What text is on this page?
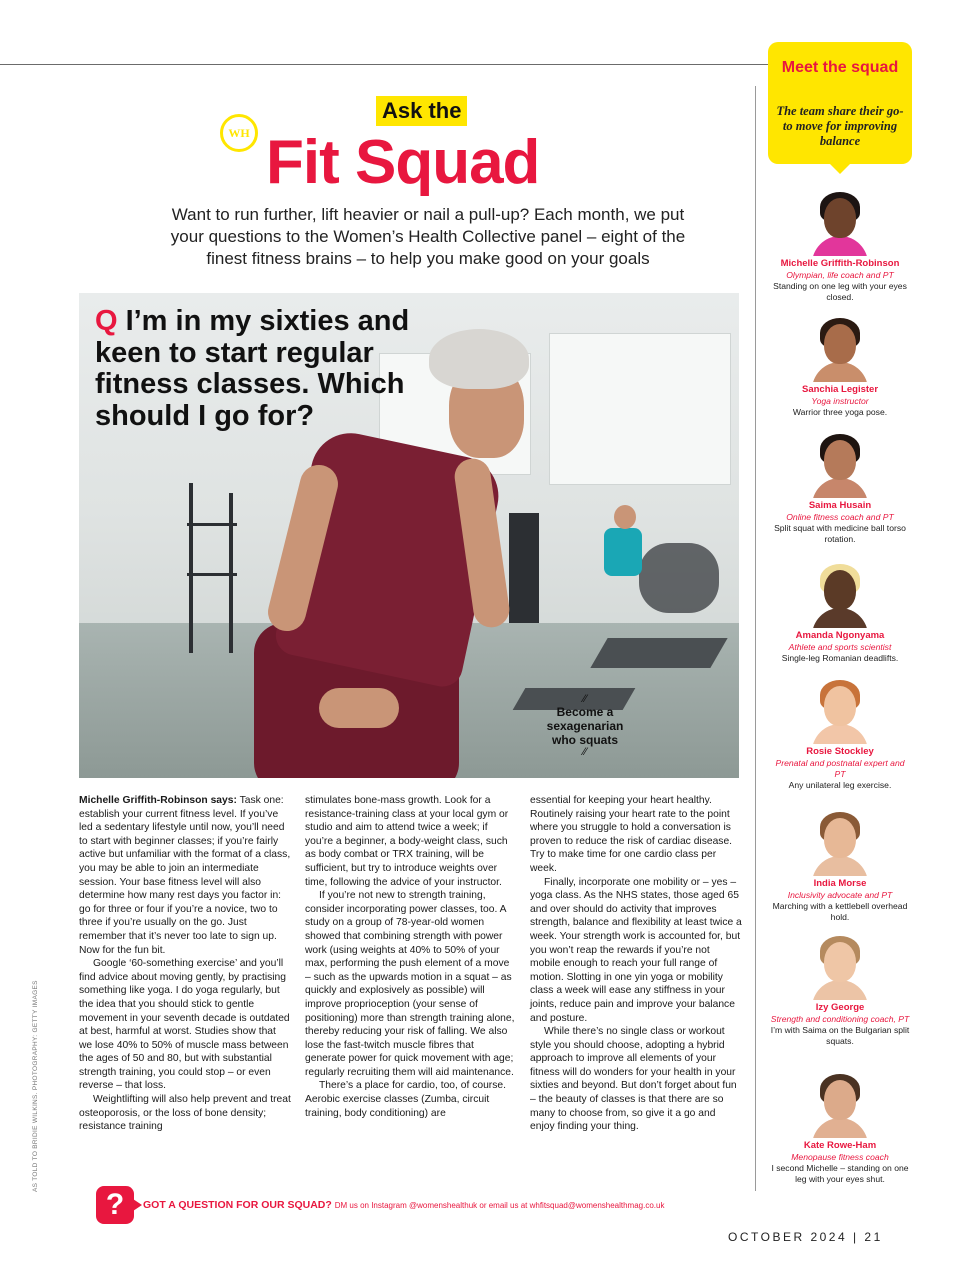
Ask the
WH Fit Squad
Want to run further, lift heavier or nail a pull-up? Each month, we put your questions to the Women’s Health Collective panel – eight of the finest fitness brains – to help you make good on your goals
Q I’m in my sixties and keen to start regular fitness classes. Which should I go for?
⁄⁄
Become a sexagenarian who squats
⁄⁄

Michelle Griffith-Robinson says: Task one: establish your current fitness level. If you’ve led a sedentary lifestyle until now, you’ll need to start with beginner classes; if you’re fairly active but unfamiliar with the format of a class, you may be able to join an intermediate session. Your base fitness level will also determine how many rest days you factor in: go for three or four if you’re a novice, two to three if you’re usually on the go. Just remember that it’s never too late to sign up. Now for the fun bit.

Google ‘60-something exercise’ and you’ll find advice about moving gently, by practising something like yoga. I do yoga regularly, but the idea that you should stick to gentle movement in your seventh decade is outdated at best, harmful at worst. Studies show that we lose 40% to 50% of muscle mass between the ages of 50 and 80, but with substantial strength training, you could stop – or even reverse – that loss.

Weightlifting will also help prevent and treat osteoporosis, or the loss of bone density; resistance training

stimulates bone-mass growth. Look for a resistance-training class at your local gym or studio and aim to attend twice a week; if you’re a beginner, a body-weight class, such as body combat or TRX training, will be sufficient, but try to introduce weights over time, following the advice of your instructor.

If you’re not new to strength training, consider incorporating power classes, too. A study on a group of 78-year-old women showed that combining strength with power work (using weights at 40% to 50% of your max, performing the push element of a move – such as the upwards motion in a squat – as quickly and explosively as possible) will improve proprioception (your sense of positioning) more than strength training alone, thereby reducing your risk of falling. We also lose the fast-twitch muscle fibres that generate power for quick movement with age; regularly recruiting them will aid maintenance.

There’s a place for cardio, too, of course. Aerobic exercise classes (Zumba, circuit training, body conditioning) are

essential for keeping your heart healthy. Routinely raising your heart rate to the point where you struggle to hold a conversation is proven to reduce the risk of cardiac disease. Try to make time for one cardio class per week.

Finally, incorporate one mobility or – yes – yoga class. As the NHS states, those aged 65 and over should do activity that improves strength, balance and flexibility at least twice a week. Your strength work is accounted for, but you won’t reap the rewards if you’re not mobile enough to reach your full range of motion. Slotting in one yin yoga or mobility class a week will ease any stiffness in your joints, reduce pain and improve your balance and posture.

While there’s no single class or workout style you should choose, adopting a hybrid approach to improve all elements of your fitness will do wonders for your health in your sixties and beyond. But don’t forget about fun – the beauty of classes is that there are so many to choose from, so give it a go and enjoy finding your thing.

AS TOLD TO BRIDIE WILKINS. PHOTOGRAPHY: GETTY IMAGES
?	GOT A QUESTION FOR OUR SQUAD? DM us on Instagram @womenshealthuk or email us at whfitsquad@womenshealthmag.co.uk
OCTOBER 2024 | 21
Meet the squad
The team share their go-to move for improving balance
Michelle Griffith-Robinson
Olympian, life coach and PT
Standing on one leg with your eyes closed.
Sanchia Legister
Yoga instructor
Warrior three yoga pose.
Saima Husain
Online fitness coach and PT
Split squat with medicine ball torso rotation.
Amanda Ngonyama
Athlete and sports scientist
Single-leg Romanian deadlifts.
Rosie Stockley
Prenatal and postnatal expert and PT
Any unilateral leg exercise.
India Morse
Inclusivity advocate and PT
Marching with a kettlebell overhead hold.
Izy George
Strength and conditioning coach, PT
I’m with Saima on the Bulgarian split squats.
Kate Rowe-Ham
Menopause fitness coach
I second Michelle – standing on one leg with your eyes shut.
